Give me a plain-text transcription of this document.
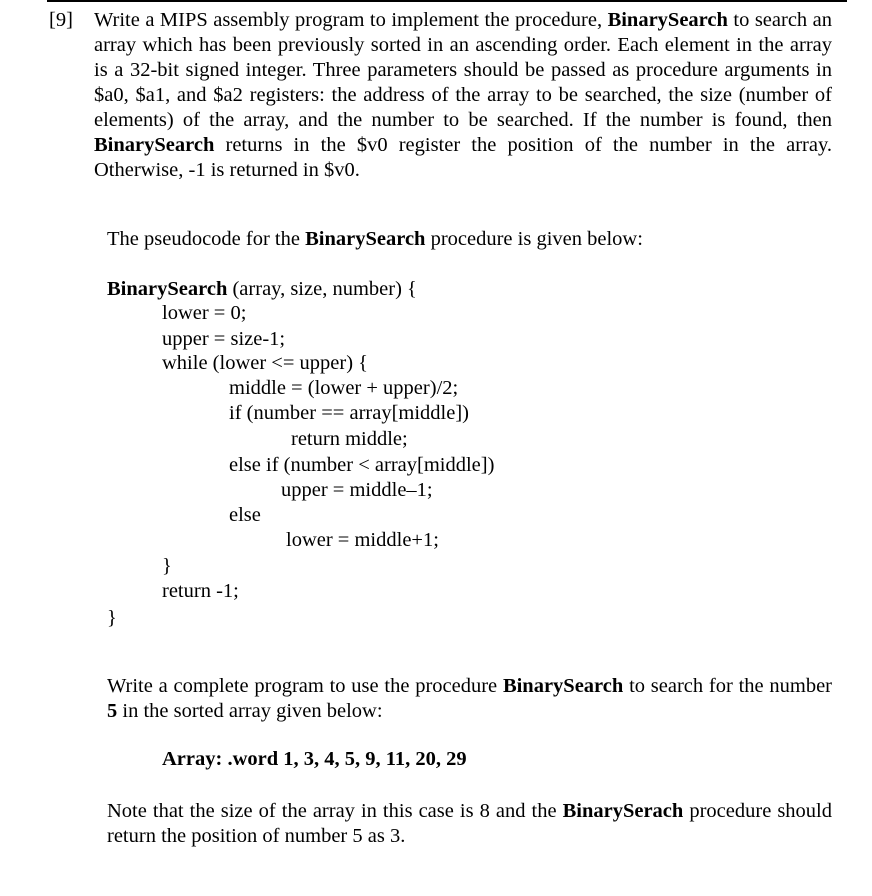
[9] Write a MIPS assembly program to implement the procedure, BinarySearch to search an array which has been previously sorted in an ascending order. Each element in the array is a 32-bit signed integer. Three parameters should be passed as procedure arguments in $a0, $a1, and $a2 registers: the address of the array to be searched, the size (number of elements) of the array, and the number to be searched. If the number is found, then BinarySearch returns in the $v0 register the position of the number in the array. Otherwise, -1 is returned in $v0.

The pseudocode for the BinarySearch procedure is given below:

BinarySearch (array, size, number) {
lower = 0;
upper = size-1;
while (lower <= upper) {
middle = (lower + upper)/2;
if (number == array[middle])
return middle;
else if (number < array[middle])
upper = middle–1;
else
lower = middle+1;
}
return -1;
}

Write a complete program to use the procedure BinarySearch to search for the number 5 in the sorted array given below:

Array: .word 1, 3, 4, 5, 9, 11, 20, 29

Note that the size of the array in this case is 8 and the BinarySerach procedure should return the position of number 5 as 3.
